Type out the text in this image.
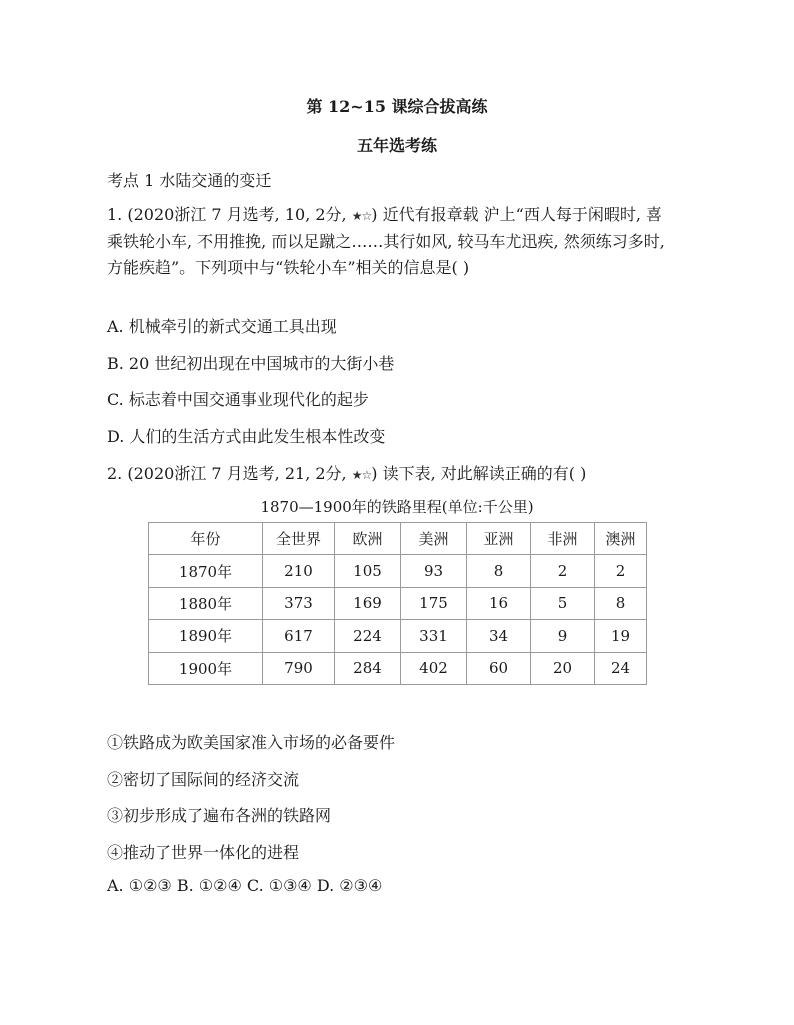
第 12~15 课综合拔高练
五年选考练
考点 1 水陆交通的变迁
1. (2020浙江 7 月选考, 10, 2分, ★☆) 近代有报章载 沪上“西人每于闲暇时, 喜乘铁轮小车, 不用推挽, 而以足蹴之……其行如风, 较马车尤迅疾, 然须练习多时, 方能疾趋”。下列项中与“铁轮小车”相关的信息是( )
A. 机械牵引的新式交通工具出现
B. 20 世纪初出现在中国城市的大街小巷
C. 标志着中国交通事业现代化的起步
D. 人们的生活方式由此发生根本性改变
2. (2020浙江 7 月选考, 21, 2分, ★☆) 读下表, 对此解读正确的有( )
1870—1900年的铁路里程(单位:千公里)
年份	全世界	欧洲	美洲	亚洲	非洲	澳洲
1870年	210	105	93	8	2	2
1880年	373	169	175	16	5	8
1890年	617	224	331	34	9	19
1900年	790	284	402	60	20	24
①铁路成为欧美国家准入市场的必备要件
②密切了国际间的经济交流
③初步形成了遍布各洲的铁路网
④推动了世界一体化的进程
A. ①②③ B. ①②④ C. ①③④ D. ②③④
